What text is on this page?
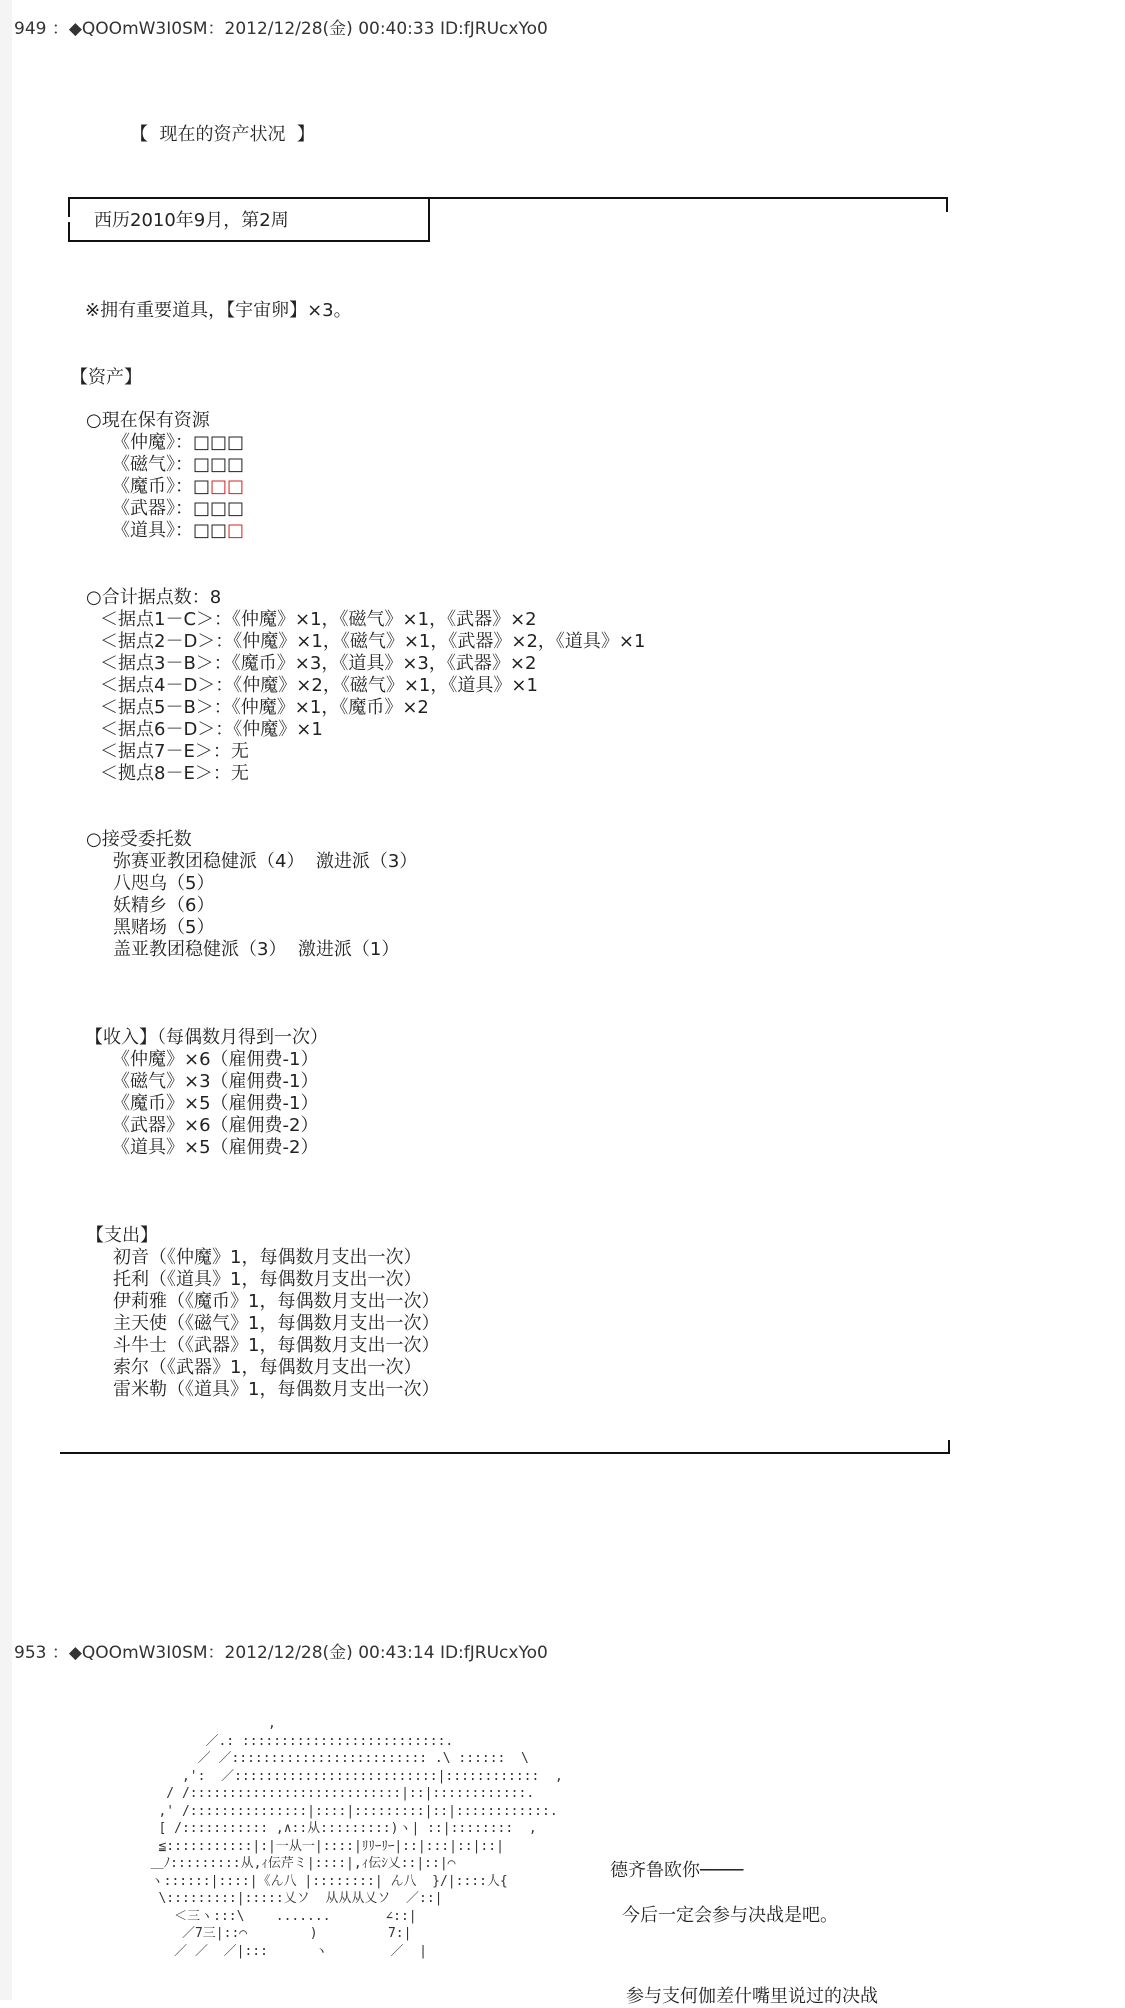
949 ：◆QOOmW3I0SM：2012/12/28(金) 00:40:33 ID:fJRUcxYo0
【  现在的资产状况  】
西历2010年9月，第2周
※拥有重要道具，【宇宙卵】×3。
【资产】
○現在保有资源
《仲魔》：□□□
《磁气》：□□□
《魔币》：□□□
《武器》：□□□
《道具》：□□□
○合计据点数：8
＜据点1－C＞：《仲魔》×1，《磁气》×1，《武器》×2
＜据点2－D＞：《仲魔》×1，《磁气》×1，《武器》×2，《道具》×1
＜据点3－B＞：《魔币》×3，《道具》×3，《武器》×2
＜据点4－D＞：《仲魔》×2，《磁气》×1，《道具》×1
＜据点5－B＞：《仲魔》×1，《魔币》×2
＜据点6－D＞：《仲魔》×1
＜据点7－E＞：无
＜拠点8－E＞：无
○接受委托数
弥赛亚教团稳健派（4）  激进派（3）
八咫乌（5）
妖精乡（6）
黑赌场（5）
盖亚教团稳健派（3）  激进派（1）
【收入】（每偶数月得到一次）
《仲魔》×6（雇佣费-1）
《磁气》×3（雇佣费-1）
《魔币》×5（雇佣费-1）
《武器》×6（雇佣费-2）
《道具》×5（雇佣费-2）
【支出】
初音（《仲魔》1，每偶数月支出一次）
托利（《道具》1，每偶数月支出一次）
伊莉雅（《魔币》1，每偶数月支出一次）
主天使（《磁气》1，每偶数月支出一次）
斗牛士（《武器》1，每偶数月支出一次）
索尔（《武器》1，每偶数月支出一次）
雷米勒（《道具》1，每偶数月支出一次）
953 ：◆QOOmW3I0SM：2012/12/28(金) 00:43:14 ID:fJRUcxYo0
,
／.: ::::::::::::::::::::::::::.
／ ／::::::::::::::::::::::::: .\ ::::::  \
,':  ／::::::::::::::::::::::::::|::::::::::::  ,
/ /:::::::::::::::::::::::::::|::|::::::::::::.
,' /:::::::::::::::|::::|:::::::::|::|::::::::::::.
[ /::::::::::: ,∧::从:::::::::)ヽ| ::|::::::::  ,
≦:::::::::::|:|一从一|::::|ﾘﾘｰﾘｰ|::|:::|::|::|
＿ﾉ:::::::::从,ｨ伝芹ミ|::::|,ｨ伝ｼ乂::|::|⌒
ヽ::::::|::::|《ん八 |::::::::| ん八  }/|::::人{
\:::::::::|:::::乂ソ  从从从乂ソ  ／::|
＜三ヽ:::\    .......       ∠::|
／7三|::⌒        )         7:|
／ ／  ／|:::      ヽ        ／  |
德齐鲁欧你────
今后一定会参与决战是吧。
参与支何伽差什嘴里说过的决战
